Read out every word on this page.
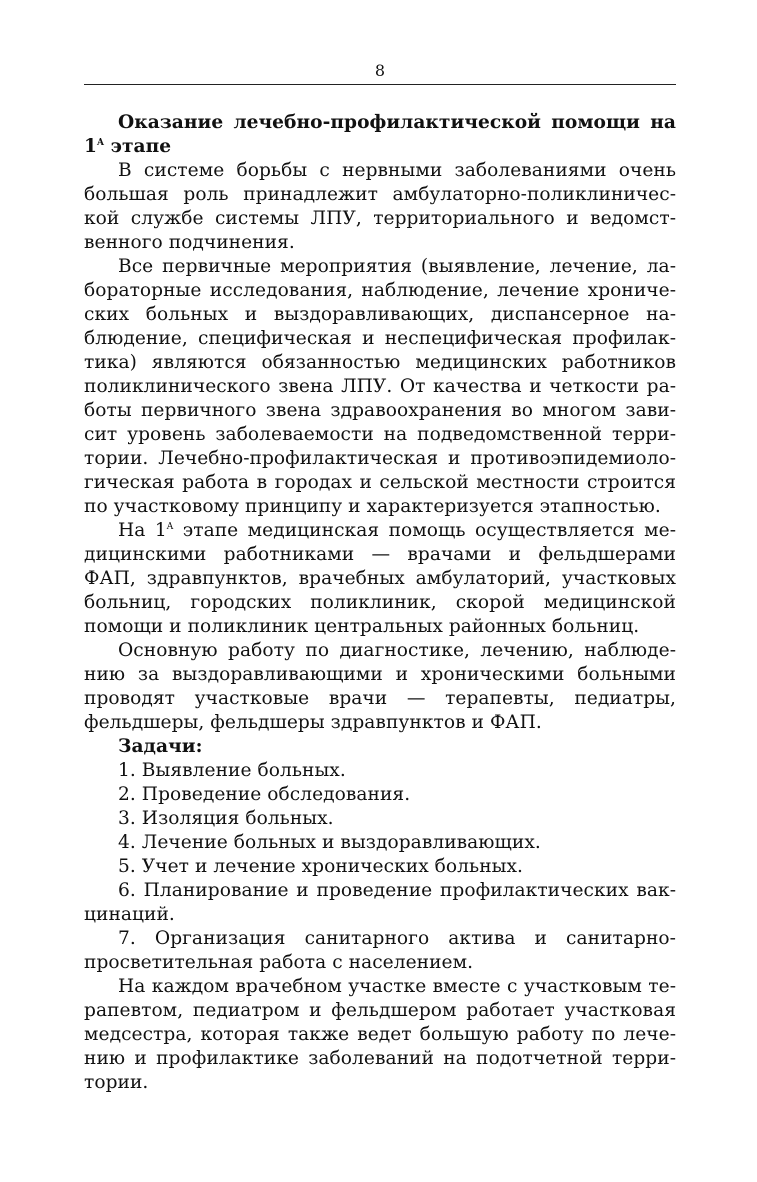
8

Оказание лечебно-профилактической помощи на $1^A$ этапе

В системе борьбы с нервными заболеваниями очень большая роль принадлежит амбулаторно-поликлинической службе системы ЛПУ, территориального и ведомственного подчинения.

Все первичные мероприятия (выявление, лечение, лабораторные исследования, наблюдение, лечение хронических больных и выздоравливающих, диспансерное наблюдение, специфическая и неспецифическая профилактика) являются обязанностью медицинских работников поликлинического звена ЛПУ. От качества и четкости работы первичного звена здравоохранения во многом зависит уровень заболеваемости на подведомственной территории. Лечебно-профилактическая и противоэпидемиологическая работа в городах и сельской местности строится по участковому принципу и характеризуется этапностью.

На $1^A$ этапе медицинская помощь осуществляется медицинскими работниками — врачами и фельдшерами ФАП, здравпунктов, врачебных амбулаторий, участковых больниц, городских поликлиник, скорой медицинской помощи и поликлиник центральных районных больниц.

Основную работу по диагностике, лечению, наблюдению за выздоравливающими и хроническими больными проводят участковые врачи — терапевты, педиатры, фельдшеры, фельдшеры здравпунктов и ФАП.

Задачи:

1. Выявление больных.

2. Проведение обследования.

3. Изоляция больных.

4. Лечение больных и выздоравливающих.

5. Учет и лечение хронических больных.

6. Планирование и проведение профилактических вакцинаций.

7. Организация санитарного актива и санитарно-просветительная работа с населением.

На каждом врачебном участке вместе с участковым терапевтом, педиатром и фельдшером работает участковая медсестра, которая также ведет большую работу по лечению и профилактике заболеваний на подотчетной территории.
